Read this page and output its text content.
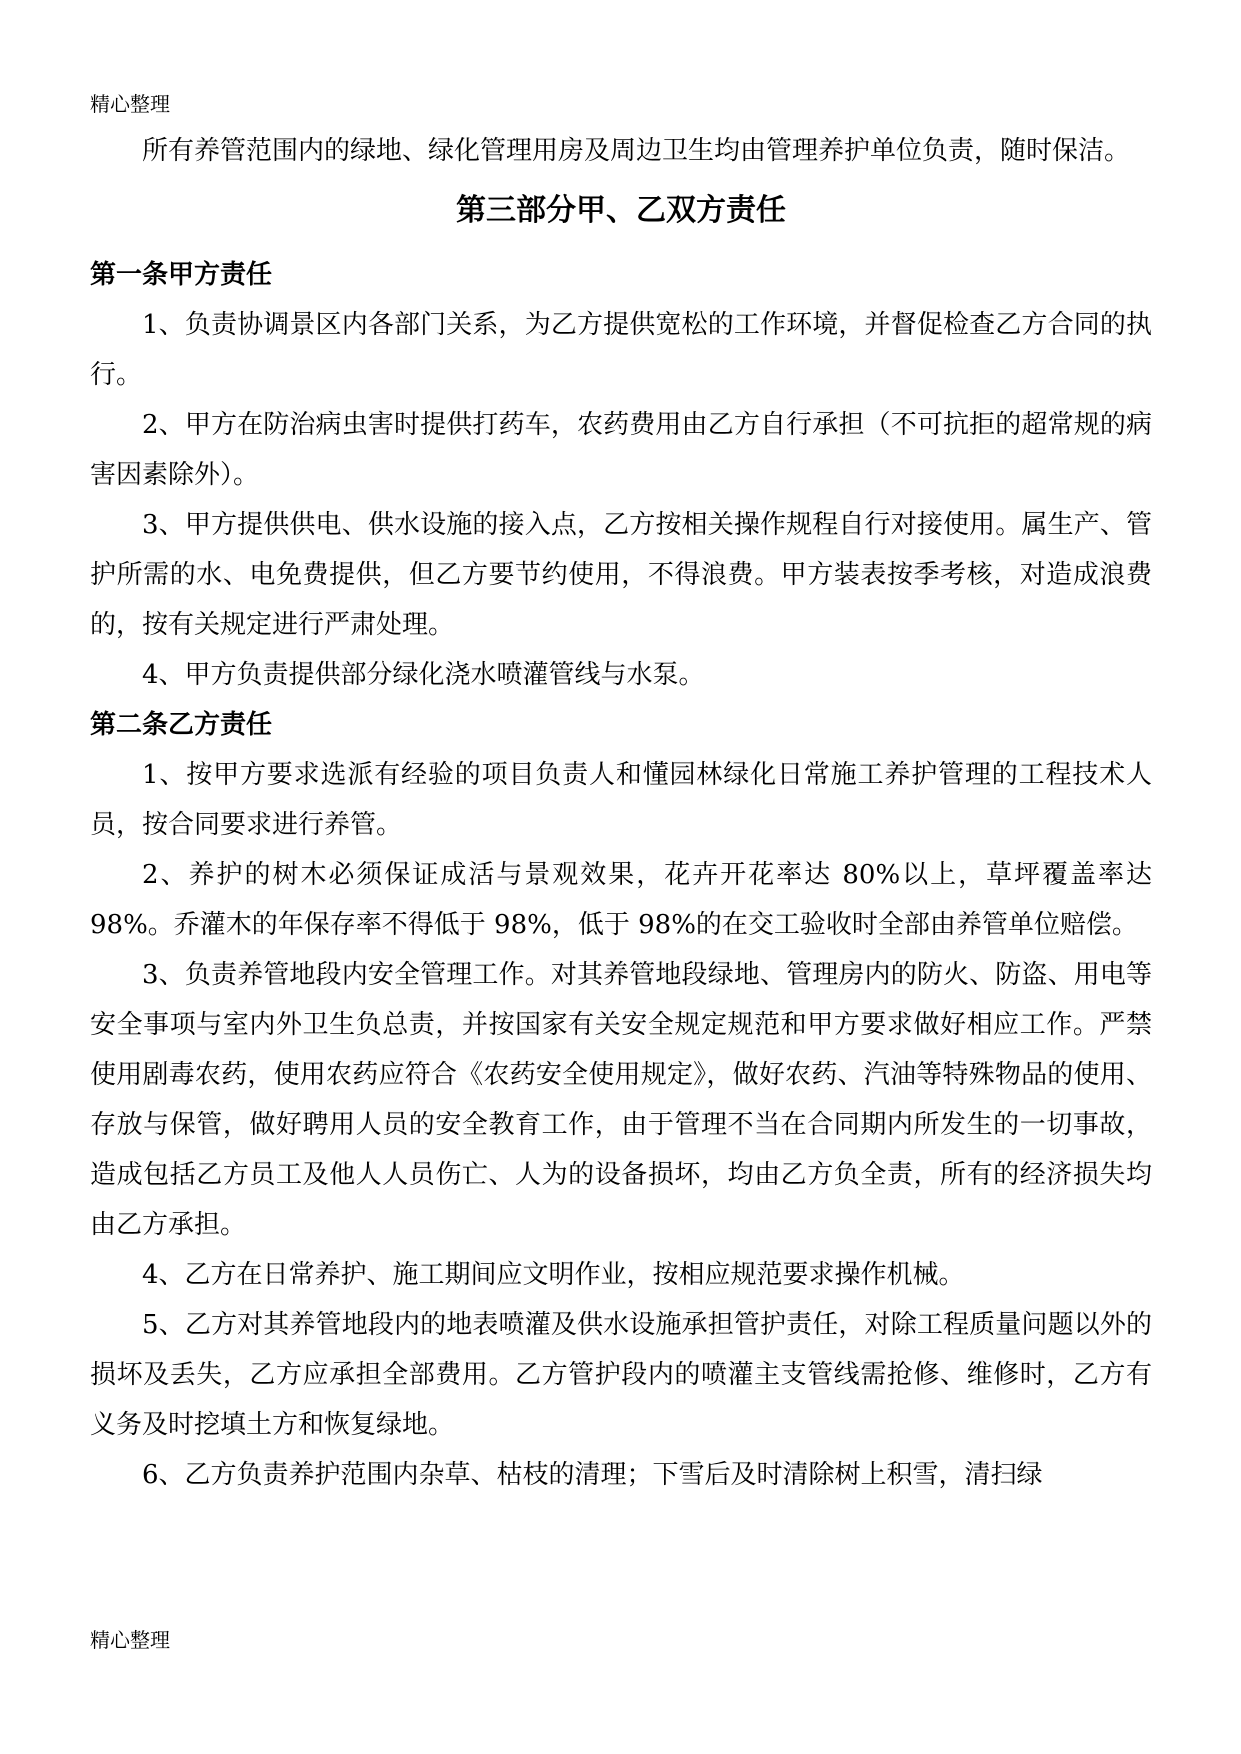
精心整理

所有养管范围内的绿地、绿化管理用房及周边卫生均由管理养护单位负责，随时保洁。

第三部分甲、乙双方责任
第一条甲方责任

1、负责协调景区内各部门关系，为乙方提供宽松的工作环境，并督促检查乙方合同的执行。

2、甲方在防治病虫害时提供打药车，农药费用由乙方自行承担（不可抗拒的超常规的病害因素除外）。

3、甲方提供供电、供水设施的接入点，乙方按相关操作规程自行对接使用。属生产、管护所需的水、电免费提供，但乙方要节约使用，不得浪费。甲方装表按季考核，对造成浪费的，按有关规定进行严肃处理。

4、甲方负责提供部分绿化浇水喷灌管线与水泵。

第二条乙方责任

1、按甲方要求选派有经验的项目负责人和懂园林绿化日常施工养护管理的工程技术人员，按合同要求进行养管。

2、养护的树木必须保证成活与景观效果，花卉开花率达 80%以上，草坪覆盖率达 98%。乔灌木的年保存率不得低于 98%，低于 98%的在交工验收时全部由养管单位赔偿。

3、负责养管地段内安全管理工作。对其养管地段绿地、管理房内的防火、防盗、用电等安全事项与室内外卫生负总责，并按国家有关安全规定规范和甲方要求做好相应工作。严禁使用剧毒农药，使用农药应符合《农药安全使用规定》，做好农药、汽油等特殊物品的使用、存放与保管，做好聘用人员的安全教育工作，由于管理不当在合同期内所发生的一切事故，造成包括乙方员工及他人人员伤亡、人为的设备损坏，均由乙方负全责，所有的经济损失均由乙方承担。

4、乙方在日常养护、施工期间应文明作业，按相应规范要求操作机械。

5、乙方对其养管地段内的地表喷灌及供水设施承担管护责任，对除工程质量问题以外的损坏及丢失，乙方应承担全部费用。乙方管护段内的喷灌主支管线需抢修、维修时，乙方有义务及时挖填土方和恢复绿地。

6、乙方负责养护范围内杂草、枯枝的清理；下雪后及时清除树上积雪，清扫绿

精心整理
